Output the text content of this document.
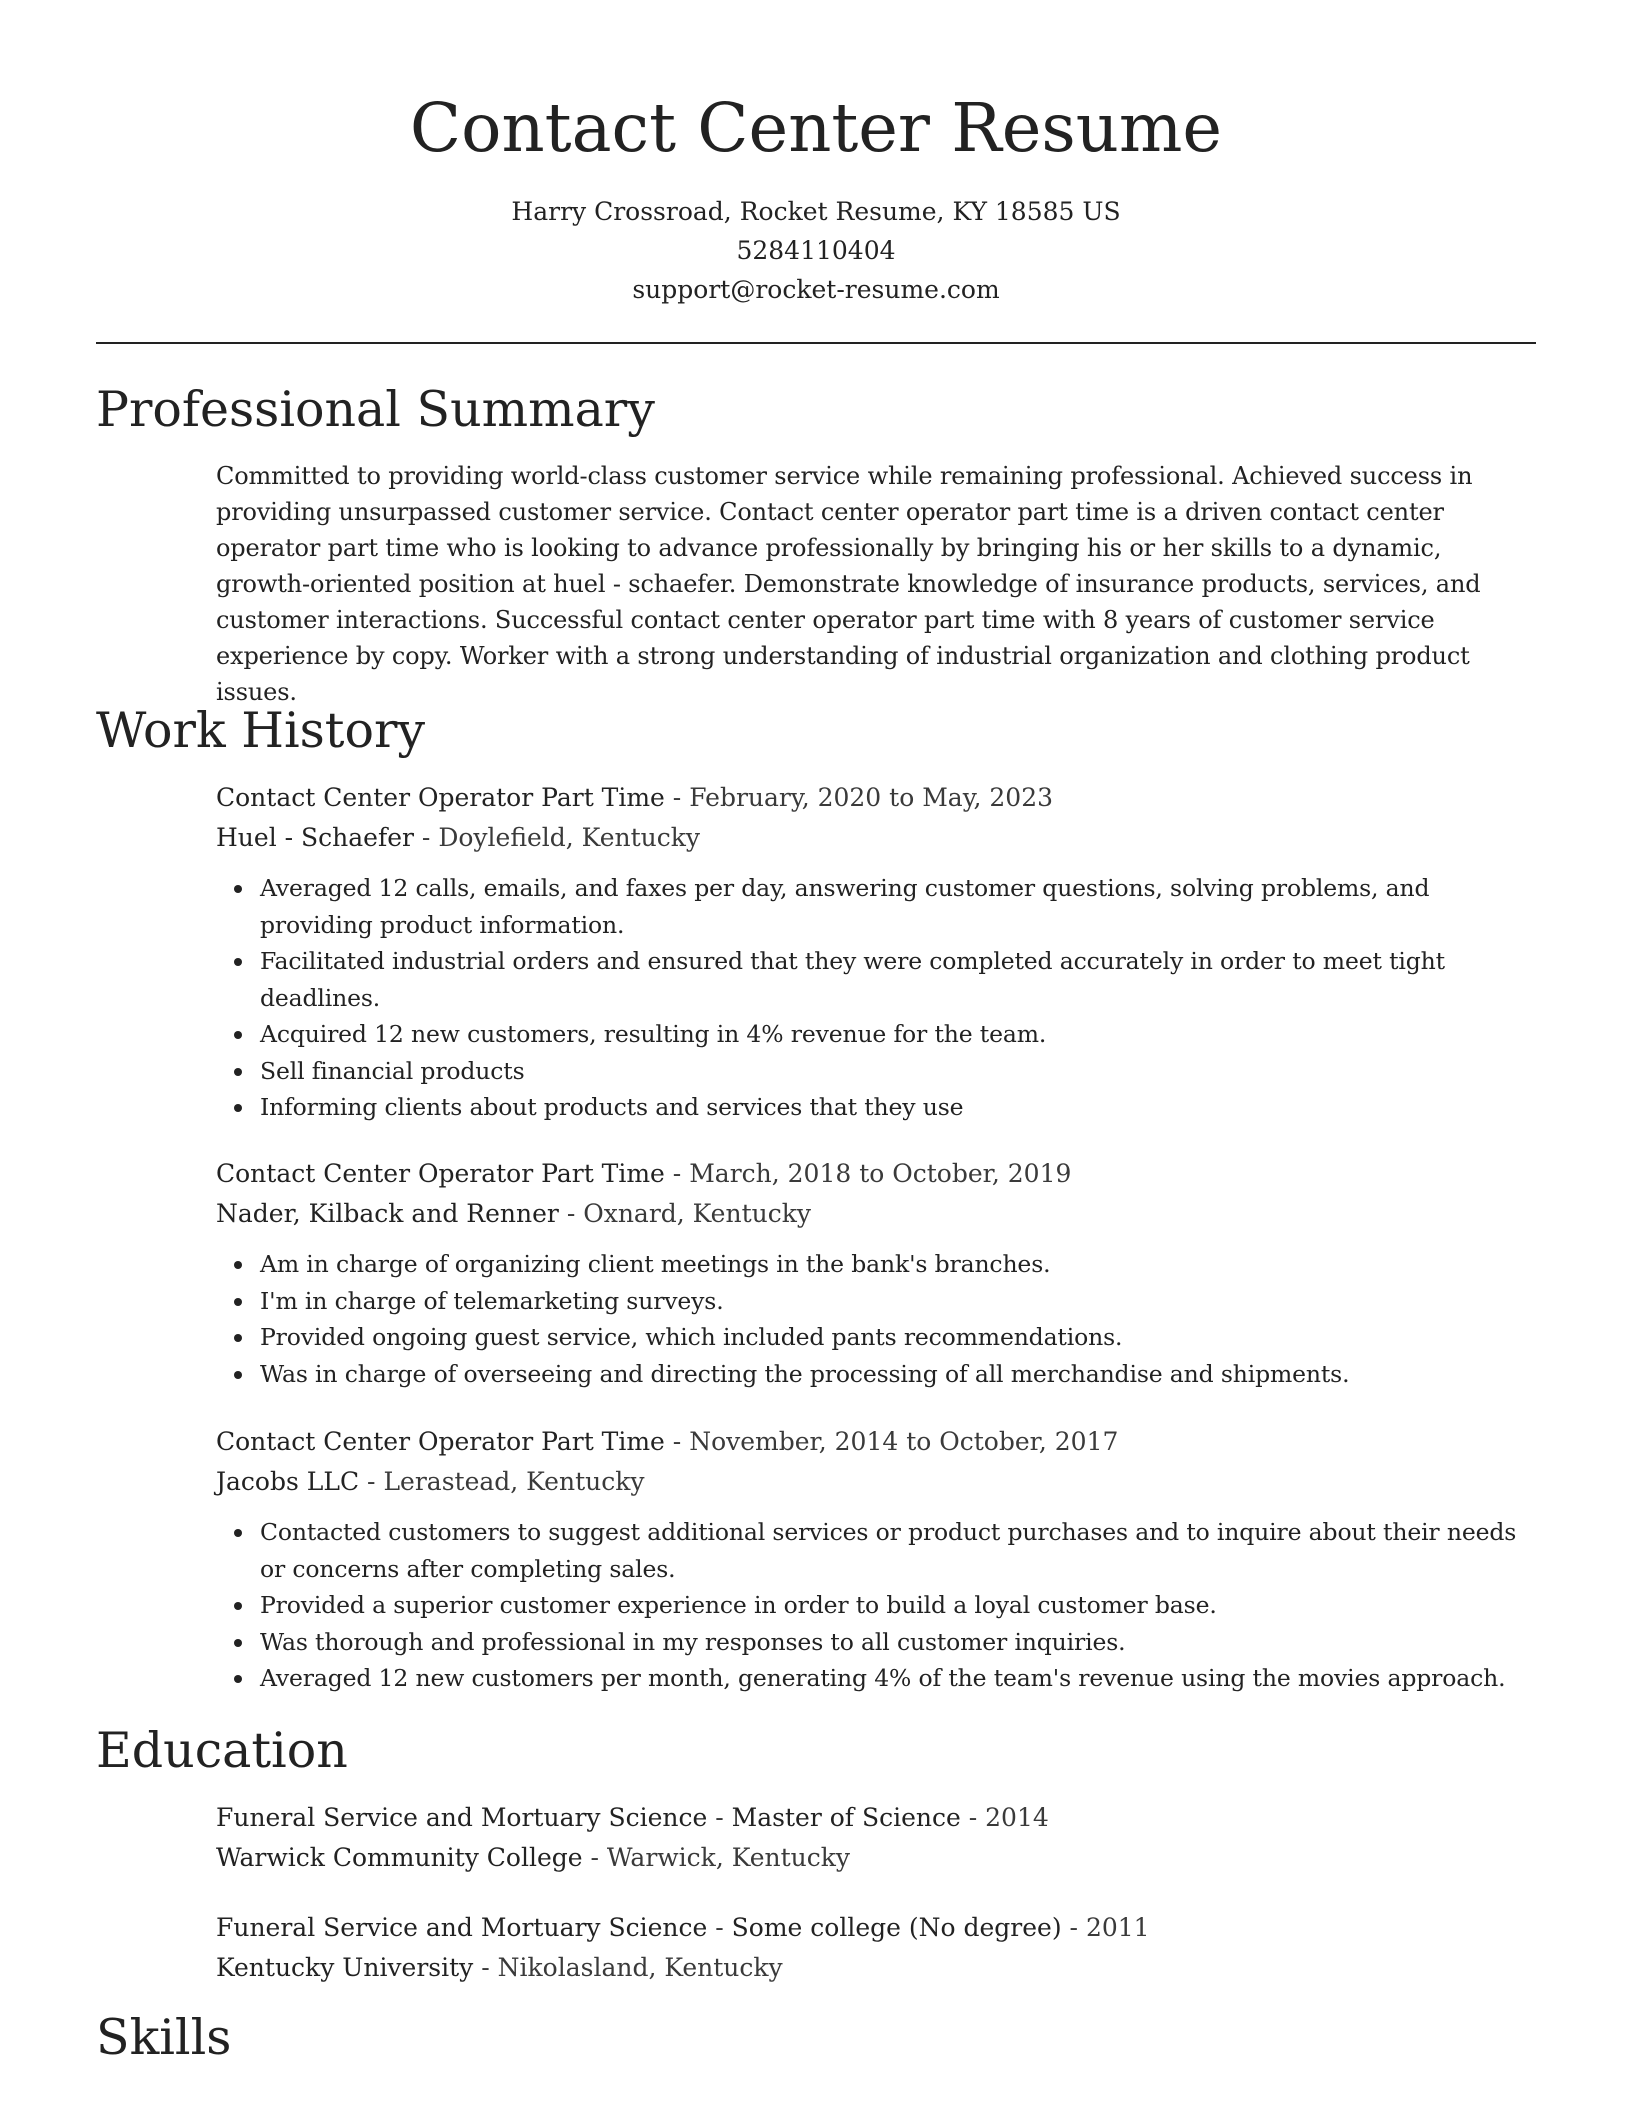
Contact Center Resume
Harry Crossroad, Rocket Resume, KY 18585 US
5284110404
support@rocket-resume.com
Professional Summary

Committed to providing world-class customer service while remaining professional. Achieved success in providing unsurpassed customer service. Contact center operator part time is a driven contact center operator part time who is looking to advance professionally by bringing his or her skills to a dynamic, growth-oriented position at huel - schaefer. Demonstrate knowledge of insurance products, services, and customer interactions. Successful contact center operator part time with 8 years of customer service experience by copy. Worker with a strong understanding of industrial organization and clothing product issues.

Work History
Contact Center Operator Part Time - February, 2020 to May, 2023
Huel - Schaefer - Doylefield, Kentucky
Averaged 12 calls, emails, and faxes per day, answering customer questions, solving problems, and providing product information.
Facilitated industrial orders and ensured that they were completed accurately in order to meet tight deadlines.
Acquired 12 new customers, resulting in 4% revenue for the team.
Sell financial products
Informing clients about products and services that they use
Contact Center Operator Part Time - March, 2018 to October, 2019
Nader, Kilback and Renner - Oxnard, Kentucky
Am in charge of organizing client meetings in the bank's branches.
I'm in charge of telemarketing surveys.
Provided ongoing guest service, which included pants recommendations.
Was in charge of overseeing and directing the processing of all merchandise and shipments.
Contact Center Operator Part Time - November, 2014 to October, 2017
Jacobs LLC - Lerastead, Kentucky
Contacted customers to suggest additional services or product purchases and to inquire about their needs or concerns after completing sales.
Provided a superior customer experience in order to build a loyal customer base.
Was thorough and professional in my responses to all customer inquiries.
Averaged 12 new customers per month, generating 4% of the team's revenue using the movies approach.
Education
Funeral Service and Mortuary Science - Master of Science - 2014
Warwick Community College - Warwick, Kentucky
Funeral Service and Mortuary Science - Some college (No degree) - 2011
Kentucky University - Nikolasland, Kentucky
Skills
